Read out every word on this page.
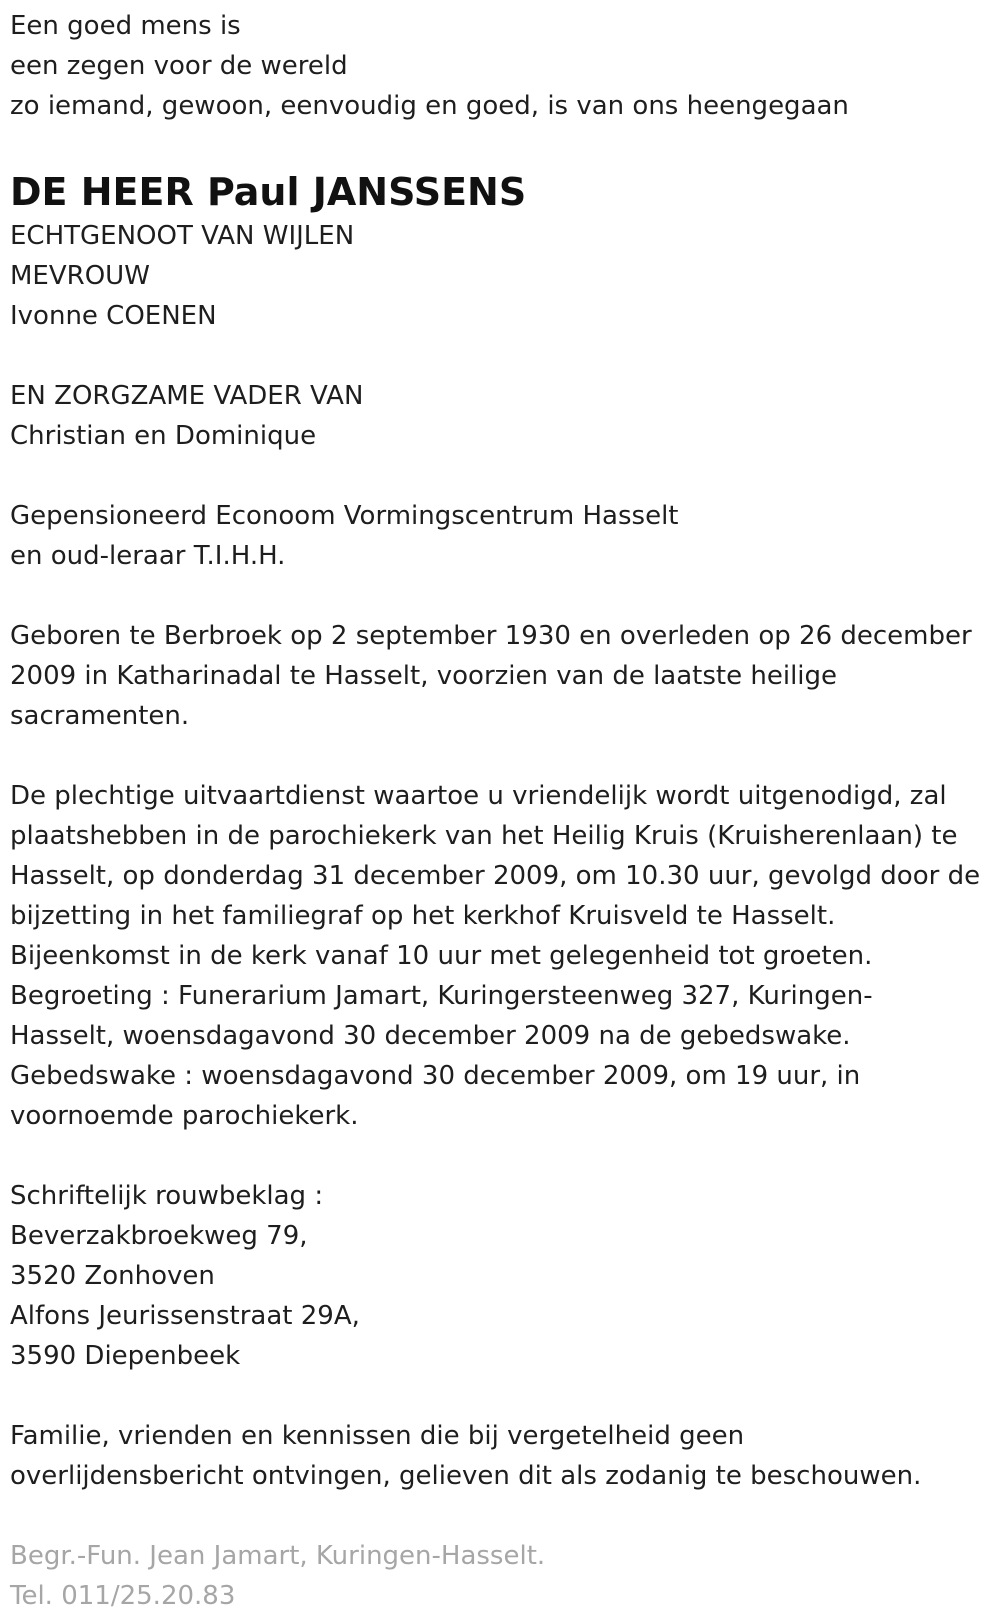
Een goed mens is

een zegen voor de wereld

zo iemand, gewoon, eenvoudig en goed, is van ons heengegaan

DE HEER Paul JANSSENS

ECHTGENOOT VAN WIJLEN

MEVROUW

Ivonne COENEN

EN ZORGZAME VADER VAN

Christian en Dominique

Gepensioneerd Econoom Vormingscentrum Hasselt

en oud-leraar T.I.H.H.

Geboren te Berbroek op 2 september 1930 en overleden op 26 december

2009 in Katharinadal te Hasselt, voorzien van de laatste heilige

sacramenten.

De plechtige uitvaartdienst waartoe u vriendelijk wordt uitgenodigd, zal

plaatshebben in de parochiekerk van het Heilig Kruis (Kruisherenlaan) te

Hasselt, op donderdag 31 december 2009, om 10.30 uur, gevolgd door de

bijzetting in het familiegraf op het kerkhof Kruisveld te Hasselt.

Bijeenkomst in de kerk vanaf 10 uur met gelegenheid tot groeten.

Begroeting : Funerarium Jamart, Kuringersteenweg 327, Kuringen-

Hasselt, woensdagavond 30 december 2009 na de gebedswake.

Gebedswake : woensdagavond 30 december 2009, om 19 uur, in

voornoemde parochiekerk.

Schriftelijk rouwbeklag :

Beverzakbroekweg 79,

3520 Zonhoven

Alfons Jeurissenstraat 29A,

3590 Diepenbeek

Familie, vrienden en kennissen die bij vergetelheid geen

overlijdensbericht ontvingen, gelieven dit als zodanig te beschouwen.

Begr.-Fun. Jean Jamart, Kuringen-Hasselt.

Tel. 011/25.20.83
